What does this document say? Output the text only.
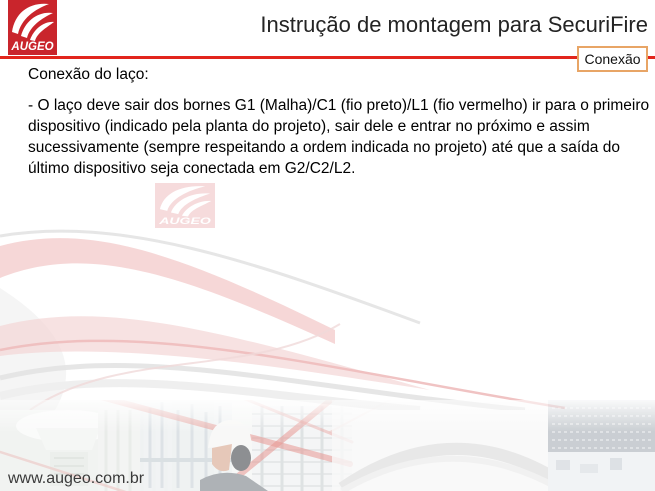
AUGEO
Instrução de montagem para SecuriFire
Conexão

Conexão do laço:

- O laço deve sair dos bornes G1 (Malha)/C1 (fio preto)/L1 (fio vermelho) ir para o primeiro dispositivo (indicado pela planta do projeto), sair dele e entrar no próximo e assim sucessivamente (sempre respeitando a ordem indicada no projeto) até que a saída do último dispositivo seja conectada em G2/C2/L2.

AUGEO
www.augeo.com.br
